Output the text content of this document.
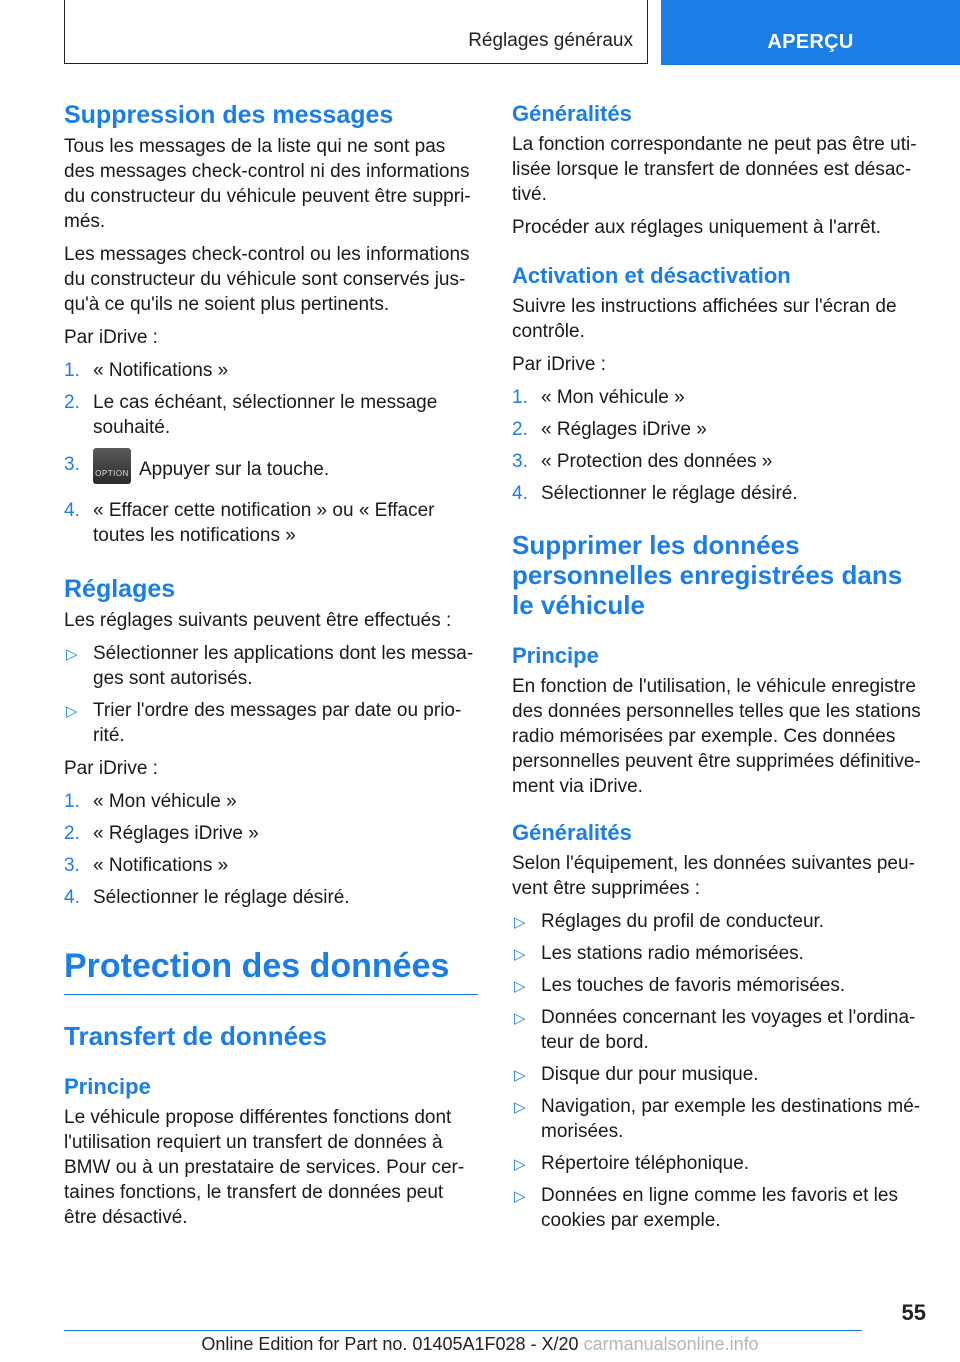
Réglages généraux	APERÇU
Suppression des messages

Tous les messages de la liste qui ne sont pas des messages check-control ni des informations du constructeur du véhicule peuvent être suppri‐més.

Les messages check-control ou les informations du constructeur du véhicule sont conservés jus‐qu'à ce qu'ils ne soient plus pertinents.

Par iDrive :

1. « Notifications »
2. Le cas échéant, sélectionner le message souhaité.
3. OPTION Appuyer sur la touche.
4. « Effacer cette notification » ou « Effacer toutes les notifications »
Réglages

Les réglages suivants peuvent être effectués :

▷ Sélectionner les applications dont les messa‐ges sont autorisés.
▷ Trier l'ordre des messages par date ou prio‐rité.

Par iDrive :

1. « Mon véhicule »
2. « Réglages iDrive »
3. « Notifications »
4. Sélectionner le réglage désiré.
Protection des données
Transfert de données
Principe

Le véhicule propose différentes fonctions dont l'utilisation requiert un transfert de données à BMW ou à un prestataire de services. Pour cer‐taines fonctions, le transfert de données peut être désactivé.

Généralités

La fonction correspondante ne peut pas être uti‐lisée lorsque le transfert de données est désac‐tivé.

Procéder aux réglages uniquement à l'arrêt.

Activation et désactivation

Suivre les instructions affichées sur l'écran de contrôle.

Par iDrive :

1. « Mon véhicule »
2. « Réglages iDrive »
3. « Protection des données »
4. Sélectionner le réglage désiré.
Supprimer les données personnelles enregistrées dans le véhicule
Principe

En fonction de l'utilisation, le véhicule enregistre des données personnelles telles que les stations radio mémorisées par exemple. Ces données personnelles peuvent être supprimées définitive‐ment via iDrive.

Généralités

Selon l'équipement, les données suivantes peu‐vent être supprimées :

▷ Réglages du profil de conducteur.
▷ Les stations radio mémorisées.
▷ Les touches de favoris mémorisées.
▷ Données concernant les voyages et l'ordina‐teur de bord.
▷ Disque dur pour musique.
▷ Navigation, par exemple les destinations mé‐morisées.
▷ Répertoire téléphonique.
▷ Données en ligne comme les favoris et les cookies par exemple.
55
Online Edition for Part no. 01405A1F028 - X/20 carmanualsonline.info
